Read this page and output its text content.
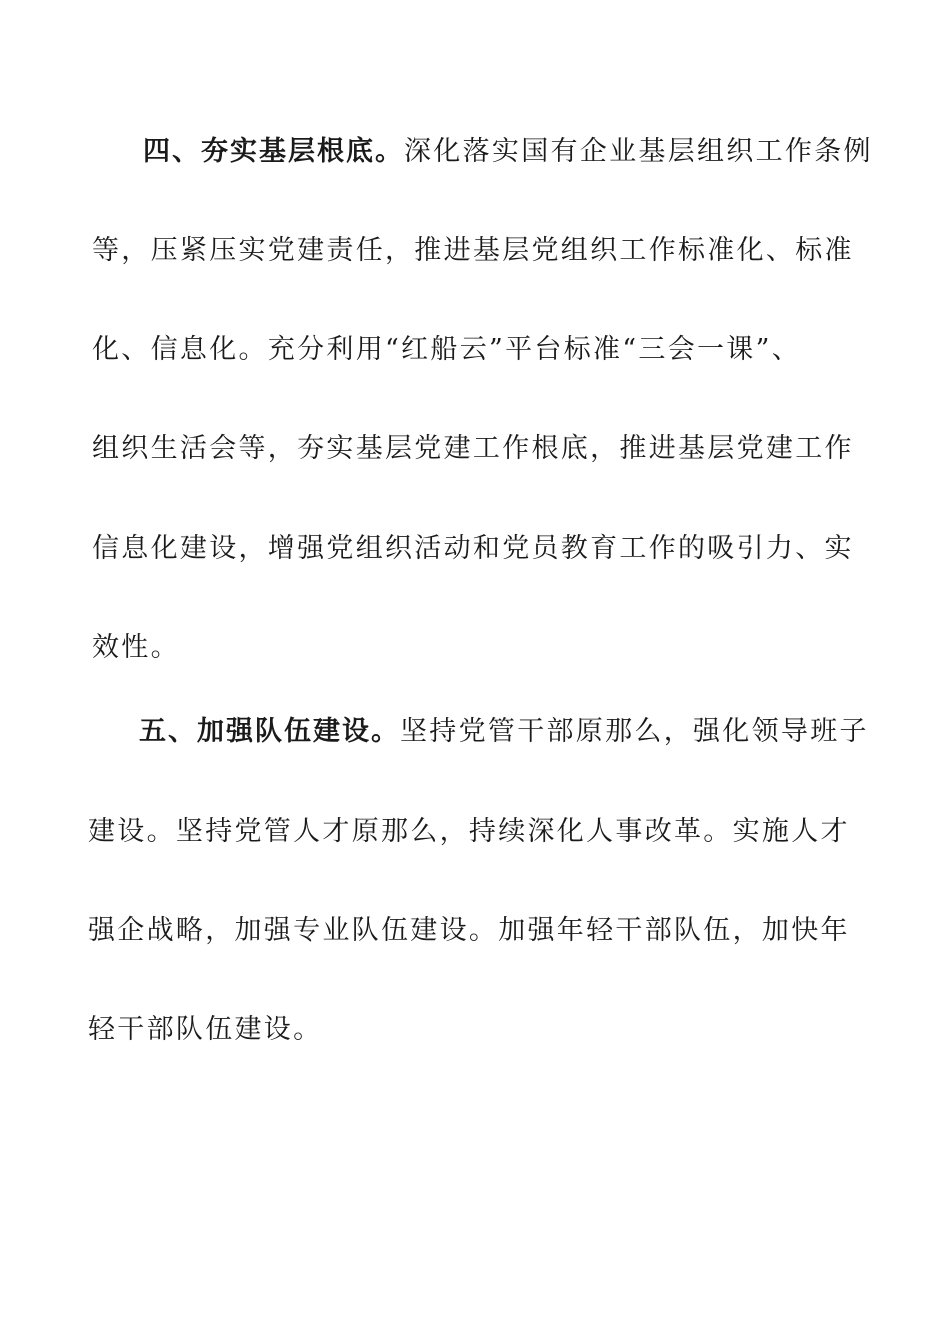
四、夯实基层根底。深化落实国有企业基层组织工作条例

等，压紧压实党建责任，推进基层党组织工作标准化、标准

化、信息化。充分利用“红船云”平台标准“三会一课”、

组织生活会等，夯实基层党建工作根底，推进基层党建工作

信息化建设，增强党组织活动和党员教育工作的吸引力、实

效性。

五、加强队伍建设。坚持党管干部原那么，强化领导班子

建设。坚持党管人才原那么，持续深化人事改革。实施人才

强企战略，加强专业队伍建设。加强年轻干部队伍，加快年

轻干部队伍建设。
